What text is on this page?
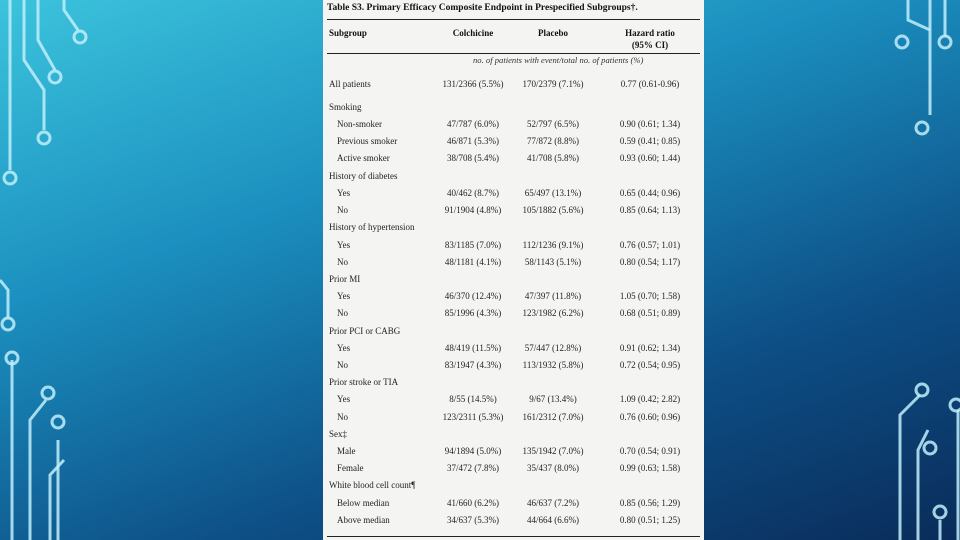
Table S3. Primary Efficacy Composite Endpoint in Prespecified Subgroups†.
Subgroup	Colchicine	Placebo	Hazard ratio
(95% CI)
no. of patients with event/total no. of patients (%)
All patients	131/2366 (5.5%)	170/2379 (7.1%)	0.77 (0.61-0.96)
Smoking
Non-smoker	47/787 (6.0%)	52/797 (6.5%)	0.90 (0.61; 1.34)
Previous smoker	46/871 (5.3%)	77/872 (8.8%)	0.59 (0.41; 0.85)
Active smoker	38/708 (5.4%)	41/708 (5.8%)	0.93 (0.60; 1.44)
History of diabetes
Yes	40/462 (8.7%)	65/497 (13.1%)	0.65 (0.44; 0.96)
No	91/1904 (4.8%)	105/1882 (5.6%)	0.85 (0.64; 1.13)
History of hypertension
Yes	83/1185 (7.0%)	112/1236 (9.1%)	0.76 (0.57; 1.01)
No	48/1181 (4.1%)	58/1143 (5.1%)	0.80 (0.54; 1.17)
Prior MI
Yes	46/370 (12.4%)	47/397 (11.8%)	1.05 (0.70; 1.58)
No	85/1996 (4.3%)	123/1982 (6.2%)	0.68 (0.51; 0.89)
Prior PCI or CABG
Yes	48/419 (11.5%)	57/447 (12.8%)	0.91 (0.62; 1.34)
No	83/1947 (4.3%)	113/1932 (5.8%)	0.72 (0.54; 0.95)
Prior stroke or TIA
Yes	8/55 (14.5%)	9/67 (13.4%)	1.09 (0.42; 2.82)
No	123/2311 (5.3%)	161/2312 (7.0%)	0.76 (0.60; 0.96)
Sex‡
Male	94/1894 (5.0%)	135/1942 (7.0%)	0.70 (0.54; 0.91)
Female	37/472 (7.8%)	35/437 (8.0%)	0.99 (0.63; 1.58)
White blood cell count¶
Below median	41/660 (6.2%)	46/637 (7.2%)	0.85 (0.56; 1.29)
Above median	34/637 (5.3%)	44/664 (6.6%)	0.80 (0.51; 1.25)
